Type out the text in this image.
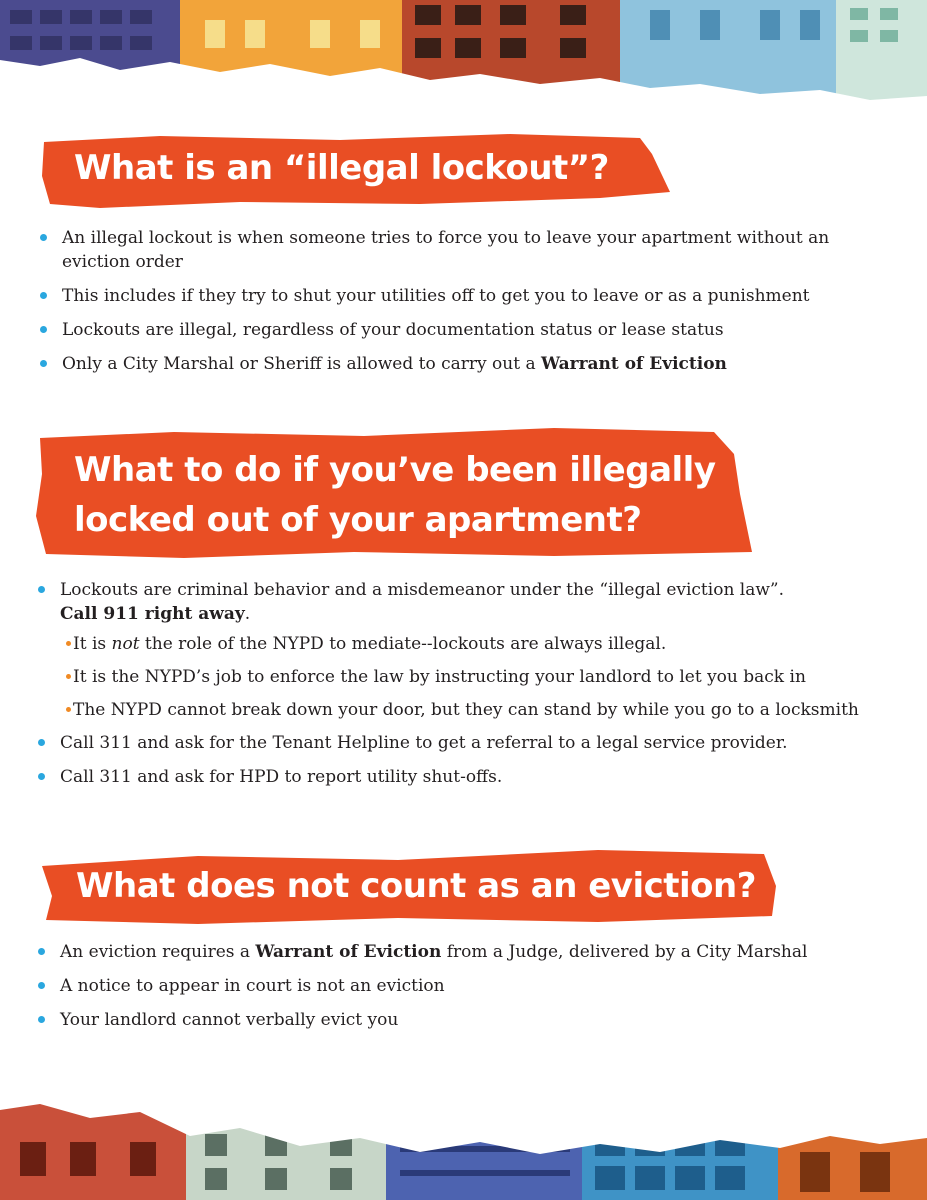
What is an “illegal lockout”?
An illegal lockout is when someone tries to force you to leave your apartment without an eviction order
This includes if they try to shut your utilities off to get you to leave or as a punishment
Lockouts are illegal, regardless of your documentation status or lease status
Only a City Marshal or Sheriff is allowed to carry out a Warrant of Eviction
What to do if you’ve been illegally
locked out of your apartment?
Lockouts are criminal behavior and a misdemeanor under the “illegal eviction law”.
Call 911 right away.
It is not the role of the NYPD to mediate--lockouts are always illegal.
It is the NYPD’s job to enforce the law by instructing your landlord to let you back in
The NYPD cannot break down your door, but they can stand by while you go to a locksmith
Call 311 and ask for the Tenant Helpline to get a referral to a legal service provider.
Call 311 and ask for HPD to report utility shut-offs.
What does not count as an eviction?
An eviction requires a Warrant of Eviction from a Judge, delivered by a City Marshal
A notice to appear in court is not an eviction
Your landlord cannot verbally evict you
